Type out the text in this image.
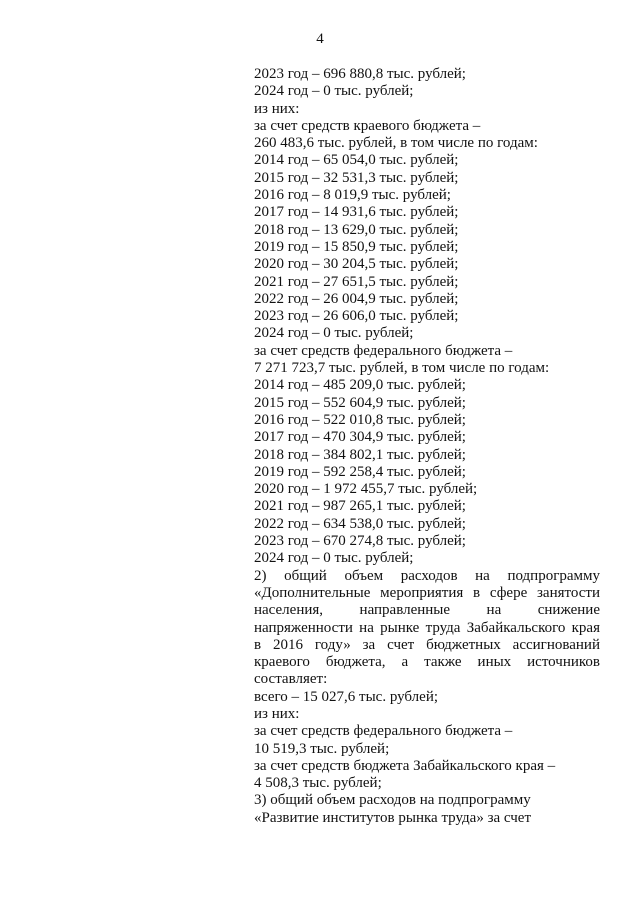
4
2023 год – 696 880,8 тыс. рублей;
2024 год – 0 тыс. рублей;
из них:
за счет средств краевого бюджета –
260 483,6 тыс. рублей, в том числе по годам:
2014 год – 65 054,0 тыс. рублей;
2015 год – 32 531,3 тыс. рублей;
2016 год – 8 019,9 тыс. рублей;
2017 год – 14 931,6 тыс. рублей;
2018 год – 13 629,0 тыс. рублей;
2019 год – 15 850,9 тыс. рублей;
2020 год – 30 204,5 тыс. рублей;
2021 год – 27 651,5 тыс. рублей;
2022 год – 26 004,9 тыс. рублей;
2023 год – 26 606,0 тыс. рублей;
2024 год – 0 тыс. рублей;
за счет средств федерального бюджета –
7 271 723,7 тыс. рублей, в том числе по годам:
2014 год – 485 209,0 тыс. рублей;
2015 год – 552 604,9 тыс. рублей;
2016 год – 522 010,8 тыс. рублей;
2017 год – 470 304,9 тыс. рублей;
2018 год – 384 802,1 тыс. рублей;
2019 год – 592 258,4 тыс. рублей;
2020 год – 1 972 455,7 тыс. рублей;
2021 год – 987 265,1 тыс. рублей;
2022 год – 634 538,0 тыс. рублей;
2023 год – 670 274,8 тыс. рублей;
2024 год – 0 тыс. рублей;
2) общий объем расходов на подпрограмму
«Дополнительные мероприятия в сфере занятости
населения, направленные на снижение
напряженности на рынке труда Забайкальского края
в 2016 году» за счет бюджетных ассигнований
краевого бюджета, а также иных источников
составляет:
всего – 15 027,6 тыс. рублей;
из них:
за счет средств федерального бюджета –
10 519,3 тыс. рублей;
за счет средств бюджета Забайкальского края –
4 508,3 тыс. рублей;
3) общий объем расходов на подпрограмму
«Развитие институтов рынка труда» за счет
